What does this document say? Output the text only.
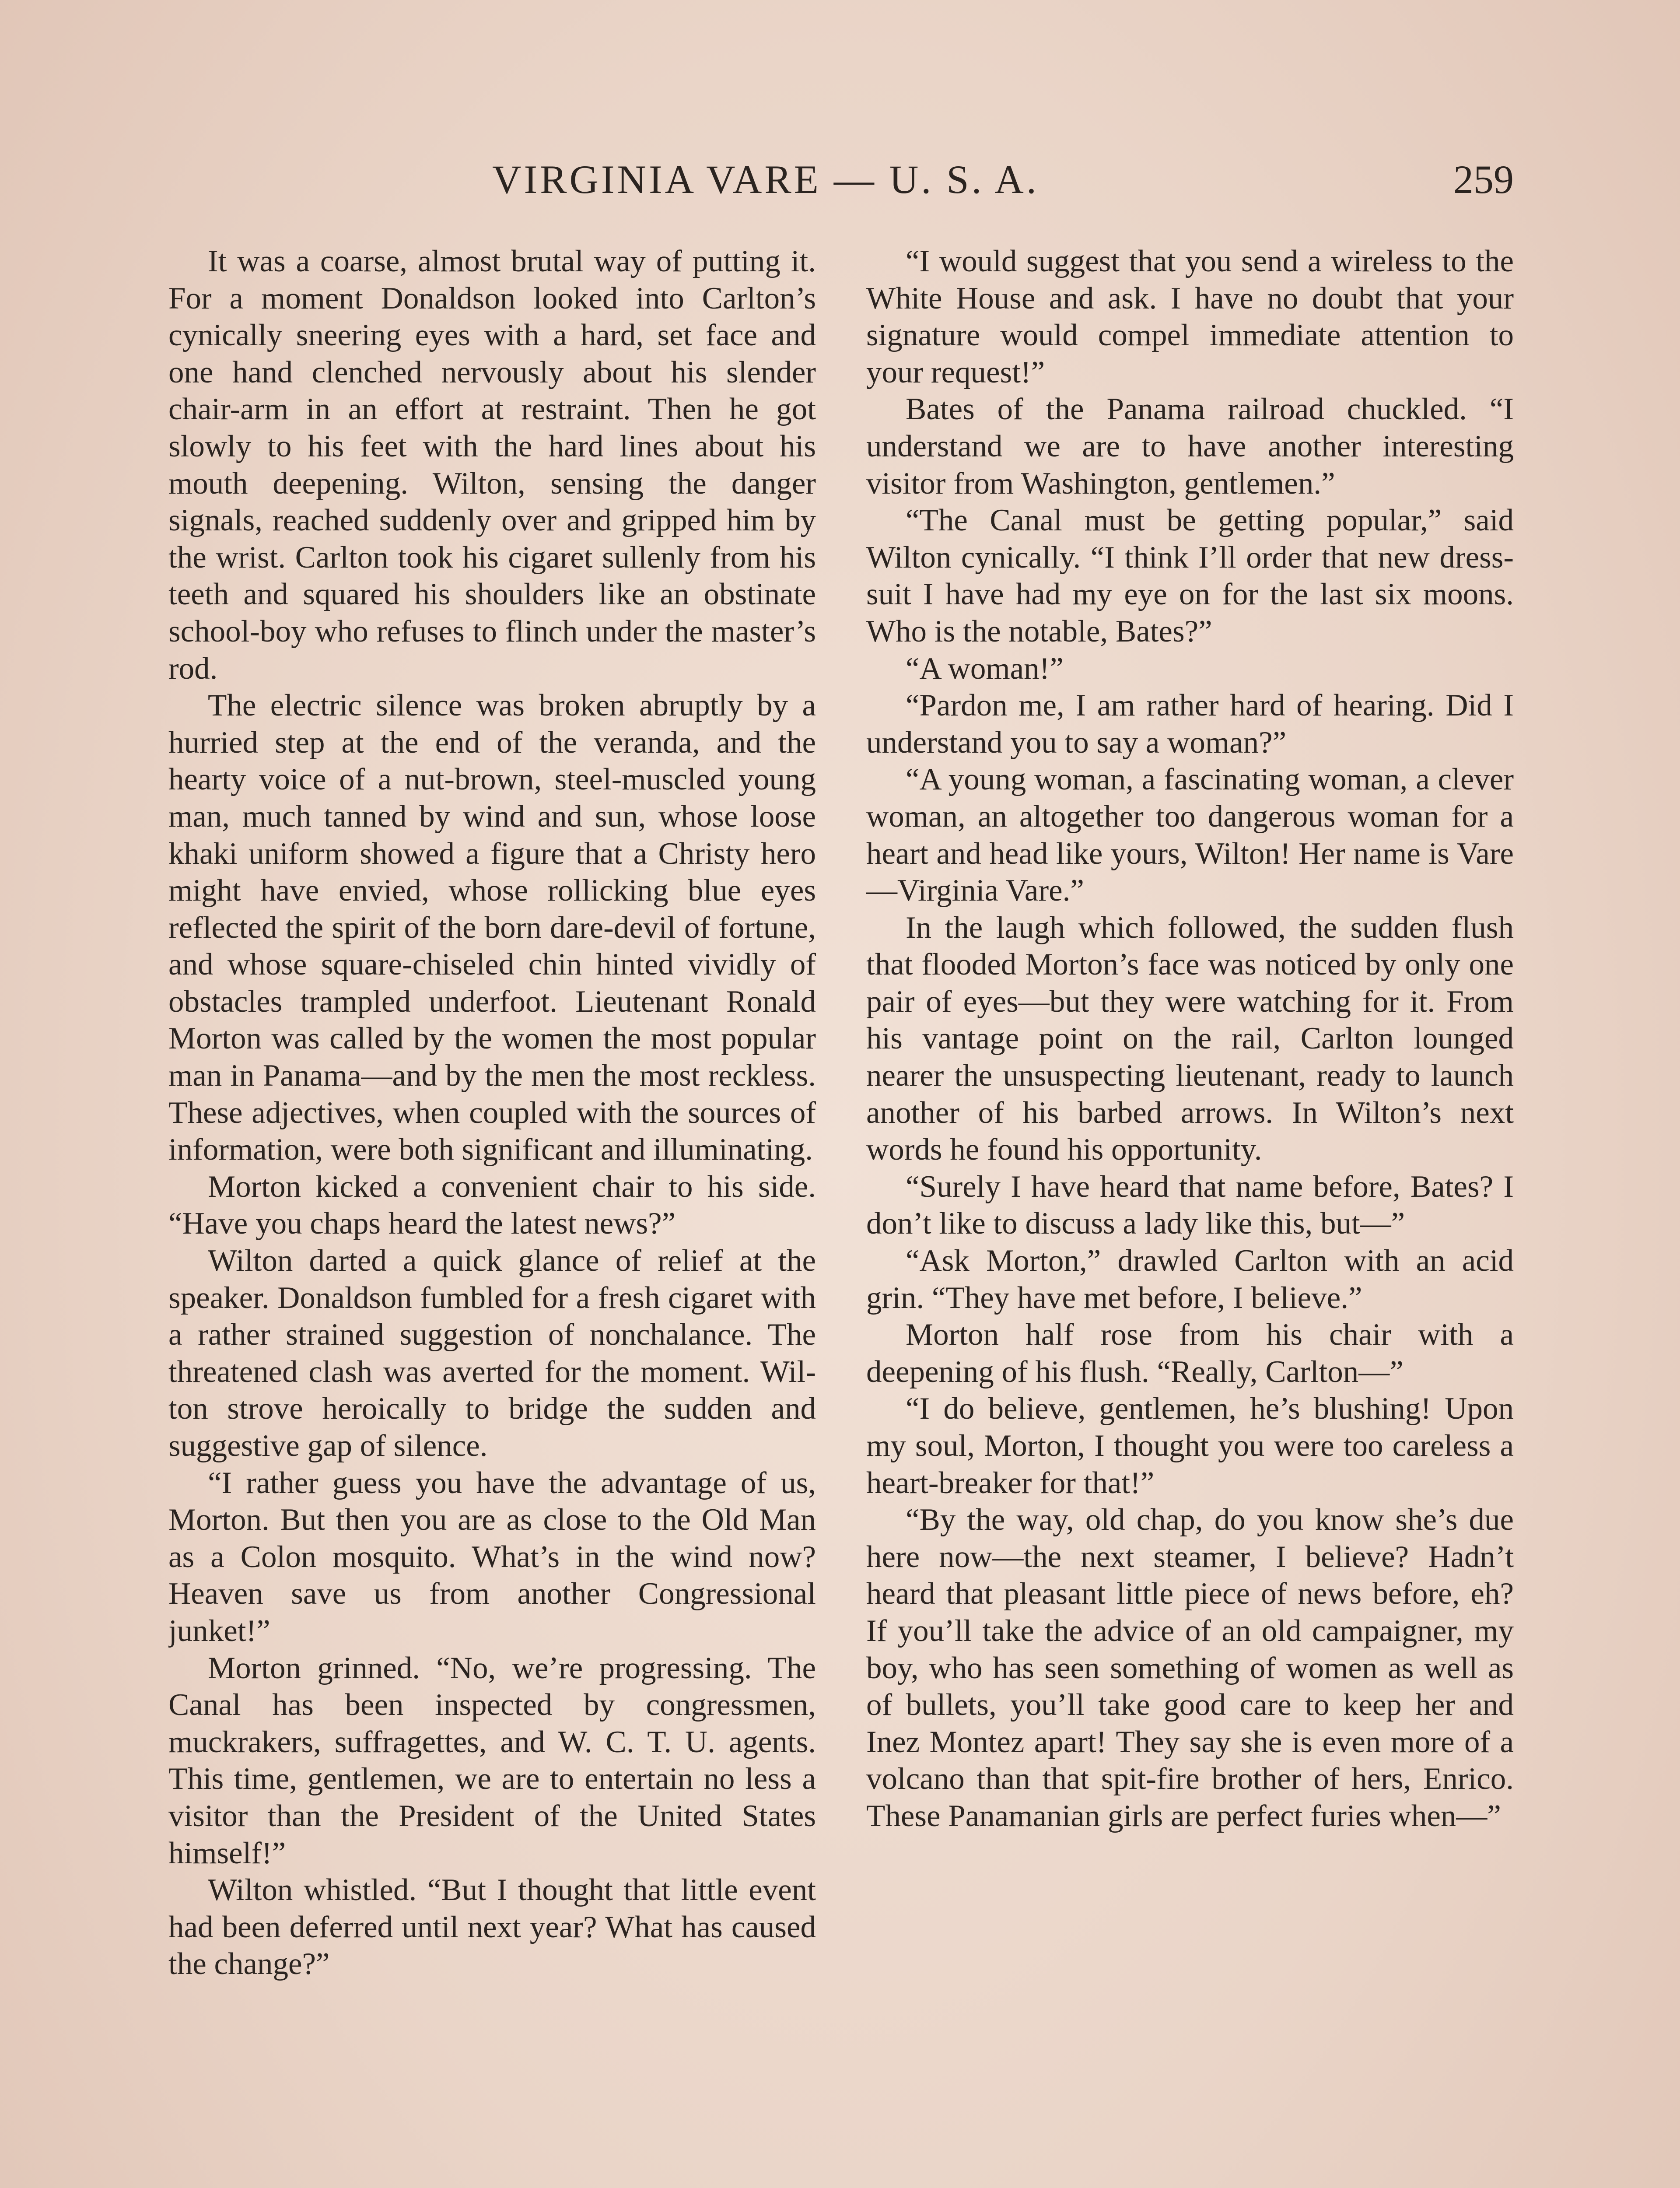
VIRGINIA VARE — U. S. A.	259

It was a coarse, almost brutal way of putting it. For a moment Donaldson looked into Carlton’s cynically sneering eyes with a hard, set face and one hand clenched nervously about his slender chair-arm in an effort at restraint. Then he got slowly to his feet with the hard lines about his mouth deepening. Wilton, sensing the danger signals, reached suddenly over and gripped him by the wrist. Carlton took his cigaret sullenly from his teeth and squared his shoulders like an obstinate school-boy who refuses to flinch under the master’s rod.

The electric silence was broken abruptly by a hurried step at the end of the veranda, and the hearty voice of a nut-brown, steel-muscled young man, much tanned by wind and sun, whose loose khaki uniform showed a figure that a Christy hero might have envied, whose rollicking blue eyes reflected the spirit of the born dare-devil of fortune, and whose square-chiseled chin hinted vividly of obstacles trampled underfoot. Lieutenant Ronald Morton was called by the women the most popular man in Panama—and by the men the most reckless. These adjectives, when coupled with the sources of information, were both significant and illuminating.

Morton kicked a convenient chair to his side. “Have you chaps heard the latest news?”

Wilton darted a quick glance of relief at the speaker. Donaldson fumbled for a fresh cigaret with a rather strained suggestion of nonchalance. The threatened clash was averted for the moment. Wilton strove heroically to bridge the sudden and suggestive gap of silence.

“I rather guess you have the advantage of us, Morton. But then you are as close to the Old Man as a Colon mosquito. What’s in the wind now? Heaven save us from another Congressional junket!”

Morton grinned. “No, we’re progressing. The Canal has been inspected by congressmen, muckrakers, suffragettes, and W. C. T. U. agents. This time, gentlemen, we are to entertain no less a visitor than the President of the United States himself!”

Wilton whistled. “But I thought that little event had been deferred until next year? What has caused the change?”

“I would suggest that you send a wireless to the White House and ask. I have no doubt that your signature would compel immediate attention to your request!”

Bates of the Panama railroad chuckled. “I understand we are to have another interesting visitor from Washington, gentlemen.”

“The Canal must be getting popular,” said Wilton cynically. “I think I’ll order that new dress-suit I have had my eye on for the last six moons. Who is the notable, Bates?”

“A woman!”

“Pardon me, I am rather hard of hearing. Did I understand you to say a woman?”

“A young woman, a fascinating woman, a clever woman, an altogether too dangerous woman for a heart and head like yours, Wilton! Her name is Vare—Virginia Vare.”

In the laugh which followed, the sudden flush that flooded Morton’s face was noticed by only one pair of eyes—but they were watching for it. From his vantage point on the rail, Carlton lounged nearer the unsuspecting lieutenant, ready to launch another of his barbed arrows. In Wilton’s next words he found his opportunity.

“Surely I have heard that name before, Bates? I don’t like to discuss a lady like this, but—”

“Ask Morton,” drawled Carlton with an acid grin. “They have met before, I believe.”

Morton half rose from his chair with a deepening of his flush. “Really, Carlton—”

“I do believe, gentlemen, he’s blushing! Upon my soul, Morton, I thought you were too careless a heart-breaker for that!”

“By the way, old chap, do you know she’s due here now—the next steamer, I believe? Hadn’t heard that pleasant little piece of news before, eh? If you’ll take the advice of an old campaigner, my boy, who has seen something of women as well as of bullets, you’ll take good care to keep her and Inez Montez apart! They say she is even more of a volcano than that spit-fire brother of hers, Enrico. These Panamanian girls are perfect furies when—”
